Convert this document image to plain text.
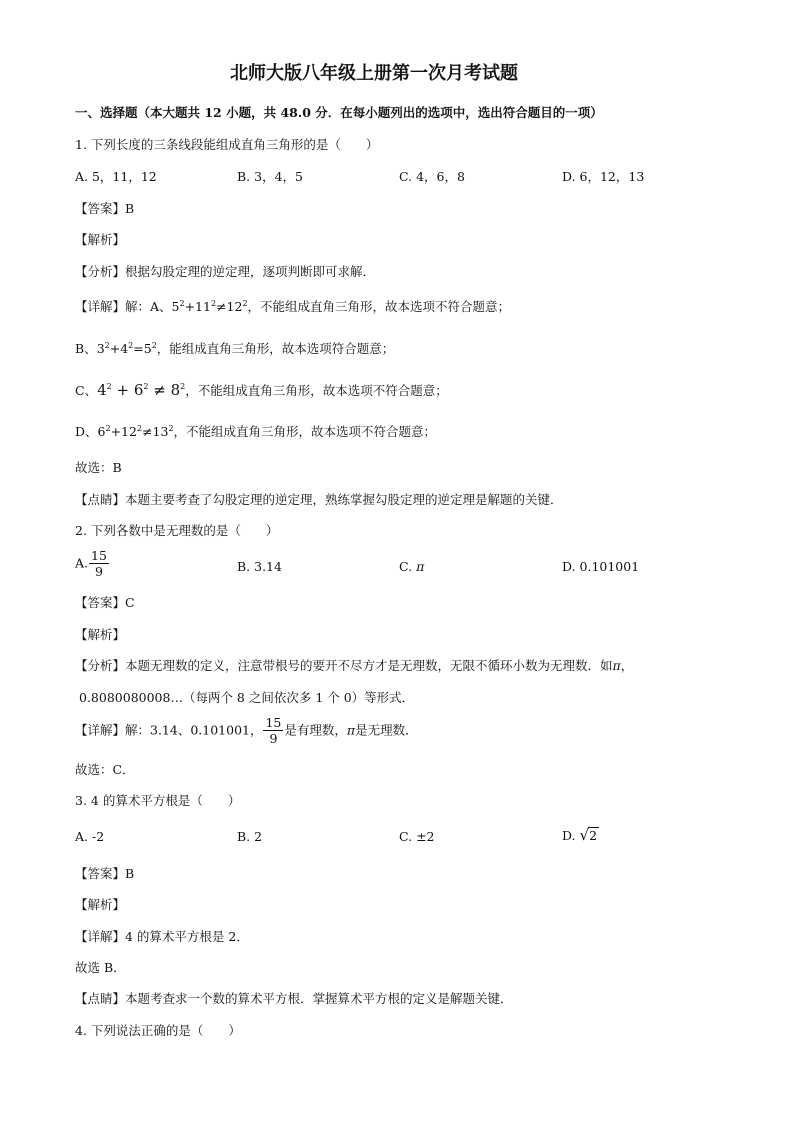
北师大版八年级上册第一次月考试题
一、选择题（本大题共 12 小题，共 48.0 分．在每小题列出的选项中，选出符合题目的一项）
1. 下列长度的三条线段能组成直角三角形的是（　　）
A. 5，11，12	B. 3，4，5	C. 4，6，8	D. 6，12，13
【答案】B
【解析】
【分析】根据勾股定理的逆定理，逐项判断即可求解．
【详解】解：A、$5^2+11^2\ne 12^2$，不能组成直角三角形，故本选项不符合题意；
B、$3^2+4^2=5^2$，能组成直角三角形，故本选项符合题意；
C、$4^2 + 6^2 \ne 8^2$，不能组成直角三角形，故本选项不符合题意；
D、$6^2+12^2\ne 13^2$，不能组成直角三角形，故本选项不符合题意；
故选：B
【点睛】本题主要考查了勾股定理的逆定理，熟练掌握勾股定理的逆定理是解题的关键．
2. 下列各数中是无理数的是（　　）
A. $\frac{15}{9}$	B. 3.14	C. π	D. 0.101001
【答案】C
【解析】
【分析】本题无理数的定义，注意带根号的要开不尽方才是无理数，无限不循环小数为无理数．如π，
0.8080080008…（每两个 8 之间依次多 1 个 0）等形式．
【详解】解：3.14、0.101001， $\frac{15}{9}$ 是有理数，π是无理数．
故选：C．
3. 4 的算术平方根是（　　）
A. -2	B. 2	C. ±2	D. √2
【答案】B
【解析】
【详解】4 的算术平方根是 2．
故选 B．
【点睛】本题考查求一个数的算术平方根．掌握算术平方根的定义是解题关键．
4. 下列说法正确的是（　　）
